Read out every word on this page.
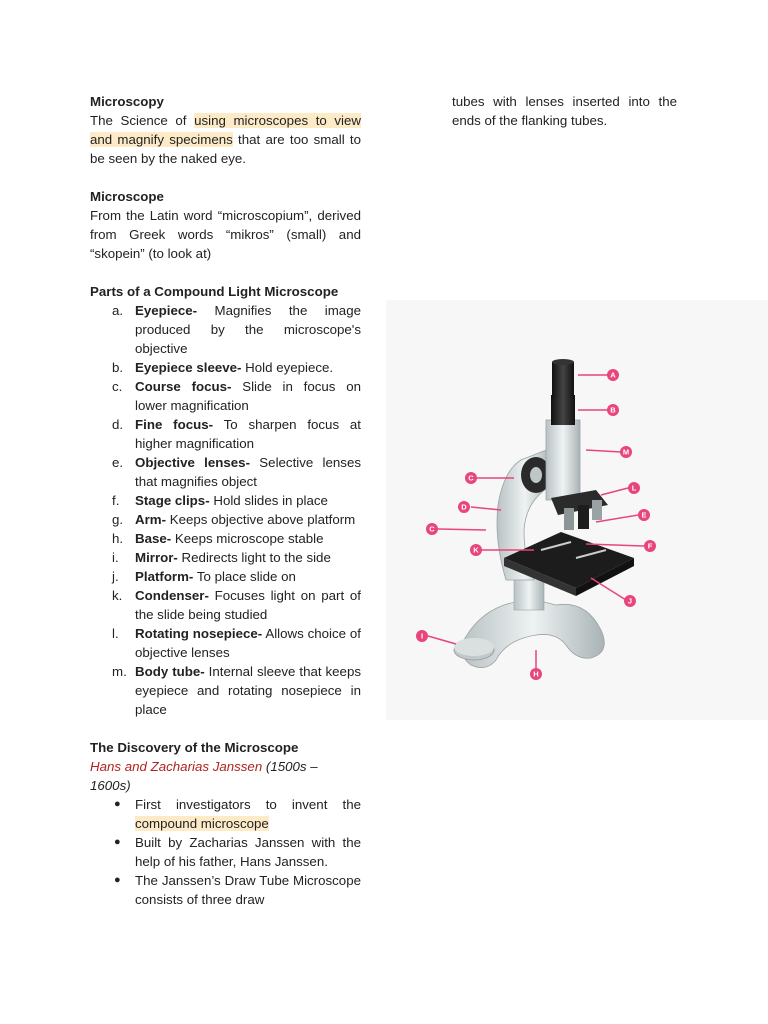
Microscopy

The Science of using microscopes to view and magnify specimens that are too small to be seen by the naked eye.

Microscope

From the Latin word “microscopium”, derived from Greek words “mikros” (small) and “skopein” (to look at)

Parts of a Compound Light Microscope

a. Eyepiece- Magnifies the image produced by the microscope's objective
b. Eyepiece sleeve- Hold eyepiece.
c. Course focus- Slide in focus on lower magnification
d. Fine focus- To sharpen focus at higher magnification
e. Objective lenses- Selective lenses that magnifies object
f. Stage clips- Hold slides in place
g. Arm- Keeps objective above platform
h. Base- Keeps microscope stable
i. Mirror- Redirects light to the side
j. Platform- To place slide on
k. Condenser- Focuses light on part of the slide being studied
l. Rotating nosepiece- Allows choice of objective lenses
m. Body tube- Internal sleeve that keeps eyepiece and rotating nosepiece in place

The Discovery of the Microscope

Hans and Zacharias Janssen (1500s – 1600s)

● First investigators to invent the compound microscope
● Built by Zacharias Janssen with the help of his father, Hans Janssen.
● The Janssen’s Draw Tube Microscope consists of three draw

tubes with lenses inserted into the ends of the flanking tubes.

A
B
M
C
L
D
E
C
F
K
J
I
H
